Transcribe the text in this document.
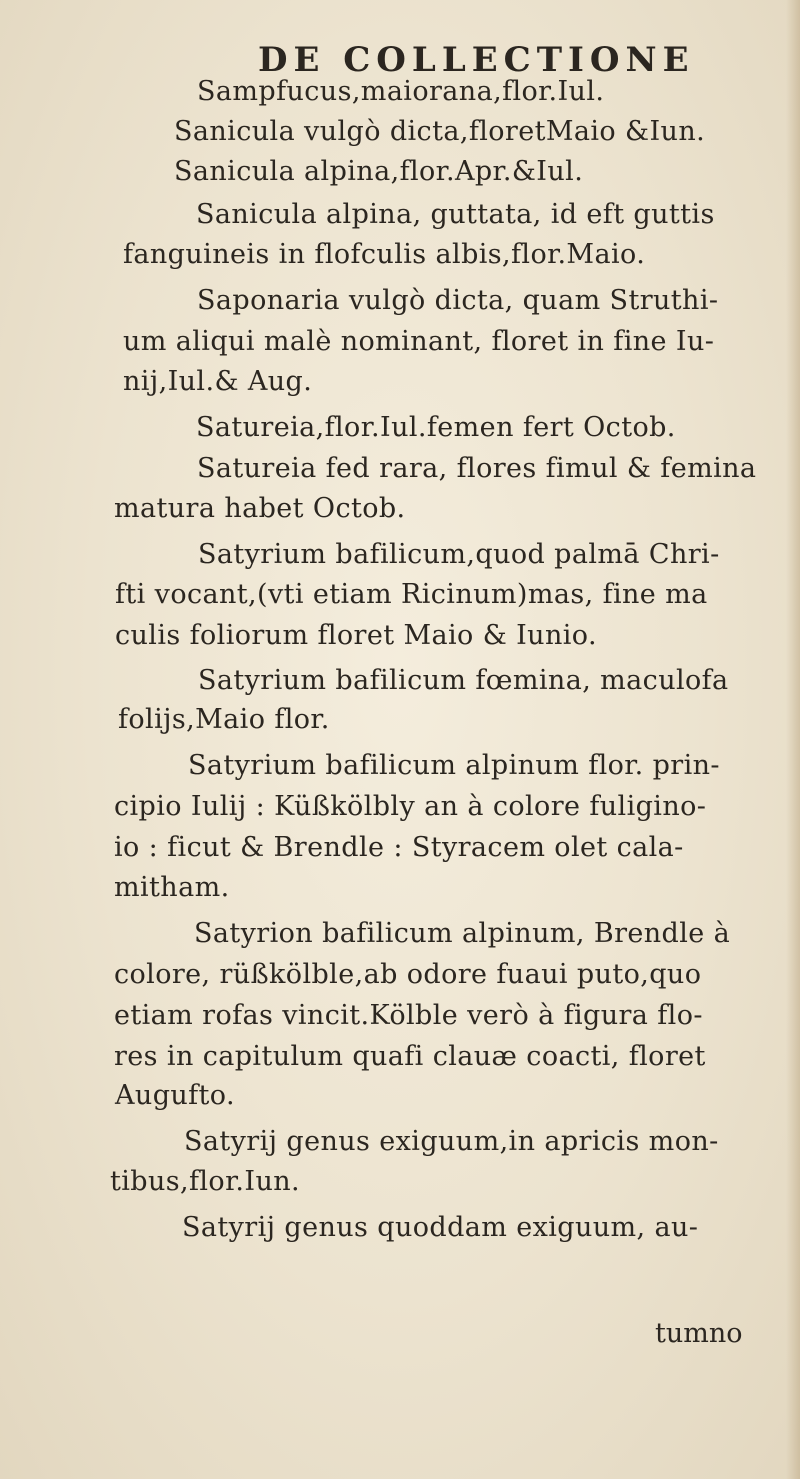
DE COLLECTIONE
Sampfucus,maiorana,flor.Iul.
Sanicula vulgò dicta,floretMaio &Iun.
Sanicula alpina,flor.Apr.&Iul.
Sanicula alpina, guttata, id eft guttis
fanguineis in flofculis albis,flor.Maio.
Saponaria vulgò dicta, quam Struthi-
um aliqui malè nominant, floret in fine Iu-
nij,Iul.& Aug.
Satureia,flor.Iul.femen fert Octob.
Satureia fed rara, flores fimul & femina
matura habet Octob.
Satyrium bafilicum,quod palmā Chri-
fti vocant,(vti etiam Ricinum)mas, fine ma
culis foliorum floret Maio & Iunio.
Satyrium bafilicum fœmina, maculofa
folijs,Maio flor.
Satyrium bafilicum alpinum flor. prin-
cipio Iulij : Küßkölbly an à colore fuligino-
io : ficut & Brendle : Styracem olet cala-
mitham.
Satyrion bafilicum alpinum, Brendle à
colore, rüßkölble,ab odore fuaui puto,quo
etiam rofas vincit.Kölble verò à figura flo-
res in capitulum quafi clauæ coacti, floret
Augufto.
Satyrij genus exiguum,in apricis mon-
tibus,flor.Iun.
Satyrij genus quoddam exiguum, au-
tumno
